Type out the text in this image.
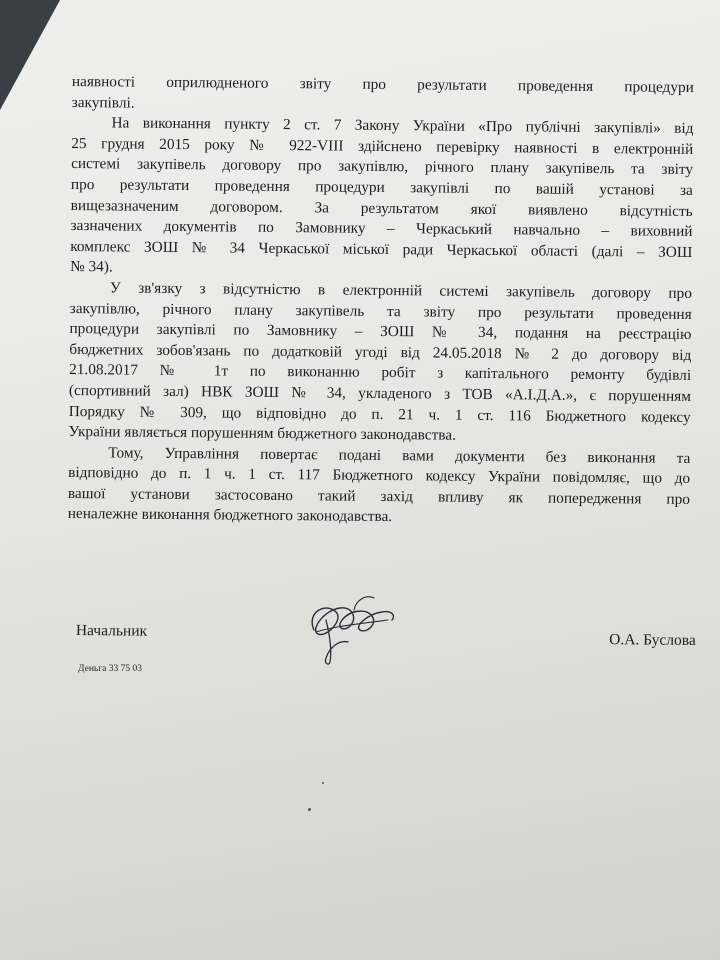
наявності оприлюдненого звіту про результати проведення процедури
закупівлі.
На виконання пункту 2 ст. 7 Закону України «Про публічні закупівлі» від
25 грудня 2015 року № 922-VIII здійснено перевірку наявності в електронній
системі закупівель договору про закупівлю, річного плану закупівель та звіту
про результати проведення процедури закупівлі по вашій установі за
вищезазначеним договором. За результатом якої виявлено відсутність
зазначених документів по Замовнику – Черкаський навчально – виховний
комплекс ЗОШ № 34 Черкаської міської ради Черкаської області (далі – ЗОШ
№ 34).
У зв'язку з відсутністю в електронній системі закупівель договору про
закупівлю, річного плану закупівель та звіту про результати проведення
процедури закупівлі по Замовнику – ЗОШ № 34, подання на реєстрацію
бюджетних зобов'язань по додатковій угоді від 24.05.2018 № 2 до договору від
21.08.2017 № 1т по виконанню робіт з капітального ремонту будівлі
(спортивний зал) НВК ЗОШ № 34, укладеного з ТОВ «А.І.Д.А.», є порушенням
Порядку № 309, що відповідно до п. 21 ч. 1 ст. 116 Бюджетного кодексу
України являється порушенням бюджетного законодавства.
Тому, Управління повертає подані вами документи без виконання та
відповідно до п. 1 ч. 1 ст. 117 Бюджетного кодексу України повідомляє, що до
вашої установи застосовано такий захід впливу як попередження про
неналежне виконання бюджетного законодавства.
Начальник
О.А. Буслова
Деньга 33 75 03
